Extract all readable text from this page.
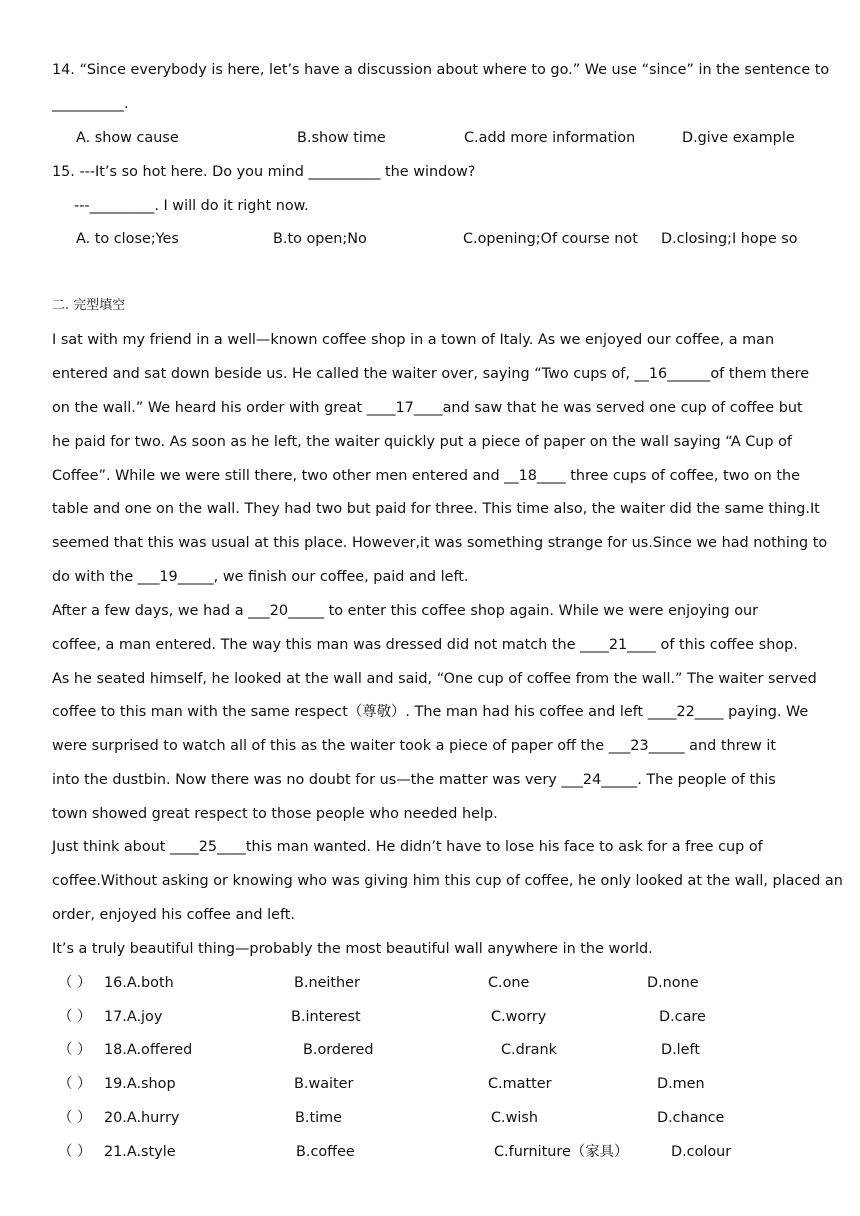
14. “Since everybody is here, let’s have a discussion about where to go.” We use “since” in the sentence to
__________.
A. show cause	B.show time	C.add more information	D.give example
15. ---It’s so hot here. Do you mind __________ the window?
---_________. I will do it right now.
A. to close;Yes	B.to open;No	C.opening;Of course not D.closing;I hope so
二. 完型填空
I sat with my friend in a well—known coffee shop in a town of Italy. As we enjoyed our coffee, a man
entered and sat down beside us. He called the waiter over, saying “Two cups of, __16______of them there
on the wall.” We heard his order with great ____17____and saw that he was served one cup of coffee but
he paid for two. As soon as he left, the waiter quickly put a piece of paper on the wall saying “A Cup of
Coffee”. While we were still there, two other men entered and __18____ three cups of coffee, two on the
table and one on the wall. They had two but paid for three. This time also, the waiter did the same thing.It
seemed that this was usual at this place. However,it was something strange for us.Since we had nothing to
do with the ___19_____, we finish our coffee, paid and left.
After a few days, we had a ___20_____ to enter this coffee shop again. While we were enjoying our
coffee, a man entered. The way this man was dressed did not match the ____21____ of this coffee shop.
As he seated himself, he looked at the wall and said, “One cup of coffee from the wall.” The waiter served
coffee to this man with the same respect（尊敬）. The man had his coffee and left ____22____ paying. We
were surprised to watch all of this as the waiter took a piece of paper off the ___23_____ and threw it
into the dustbin. Now there was no doubt for us—the matter was very ___24_____. The people of this
town showed great respect to those people who needed help.
Just think about ____25____this man wanted. He didn’t have to lose his face to ask for a free cup of
coffee.Without asking or knowing who was giving him this cup of coffee, he only looked at the wall, placed an
order, enjoyed his coffee and left.
It’s a truly beautiful thing—probably the most beautiful wall anywhere in the world.
（ ） 16.A.both	B.neither	C.one	D.none
（ ） 17.A.joy	B.interest	C.worry	D.care
（ ） 18.A.offered	B.ordered	C.drank	D.left
（ ） 19.A.shop	B.waiter	C.matter	D.men
（ ） 20.A.hurry	B.time	C.wish	D.chance
（ ） 21.A.style	B.coffee	C.furniture（家具）	D.colour
